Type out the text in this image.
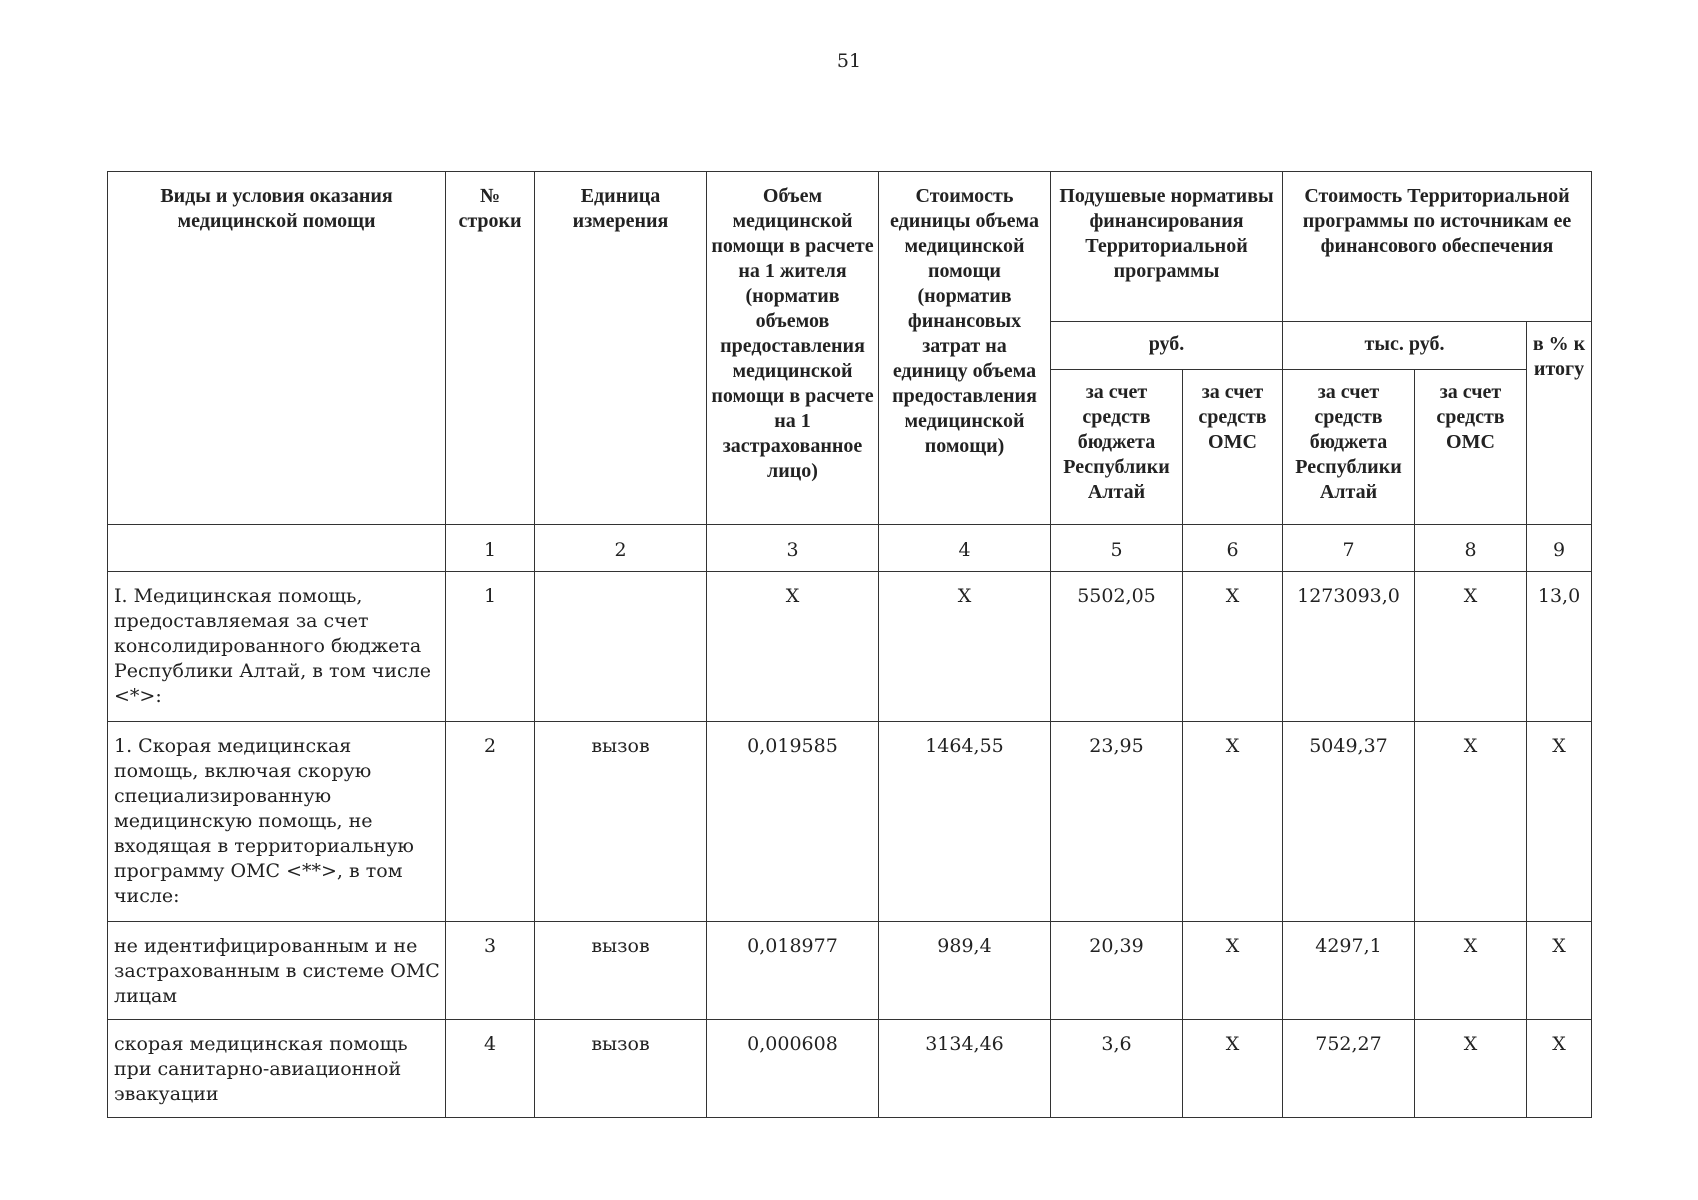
51
Виды и условия оказания медицинской помощи	№ строки	Единица измерения	Объем медицинской помощи в расчете на 1 жителя (норматив объемов предоставления медицинской помощи в расчете на 1 застрахованное лицо)	Стоимость единицы объема медицинской помощи (норматив финансовых затрат на единицу объема предоставления медицинской помощи)	Подушевые нормативы финансирования Территориальной программы		Стоимость Территориальной программы по источникам ее финансового обеспечения		
					руб.		тыс. руб.		в % к итогу
					за счет средств бюджета Республики Алтай	за счет средств ОМС	за счет средств бюджета Республики Алтай	за счет средств ОМС	
	1	2	3	4	5	6	7	8	9
I. Медицинская помощь, предоставляемая за счет консолидированного бюджета Республики Алтай, в том числе <*>:	1		X	X	5502,05	X	1273093,0	X	13,0
1. Скорая медицинская помощь, включая скорую специализированную медицинскую помощь, не входящая в территориальную программу ОМС <**>, в том числе:	2	вызов	0,019585	1464,55	23,95	X	5049,37	X	X
не идентифицированным и не застрахованным в системе ОМС лицам	3	вызов	0,018977	989,4	20,39	X	4297,1	X	X
скорая медицинская помощь при санитарно-авиационной эвакуации	4	вызов	0,000608	3134,46	3,6	X	752,27	X	X
